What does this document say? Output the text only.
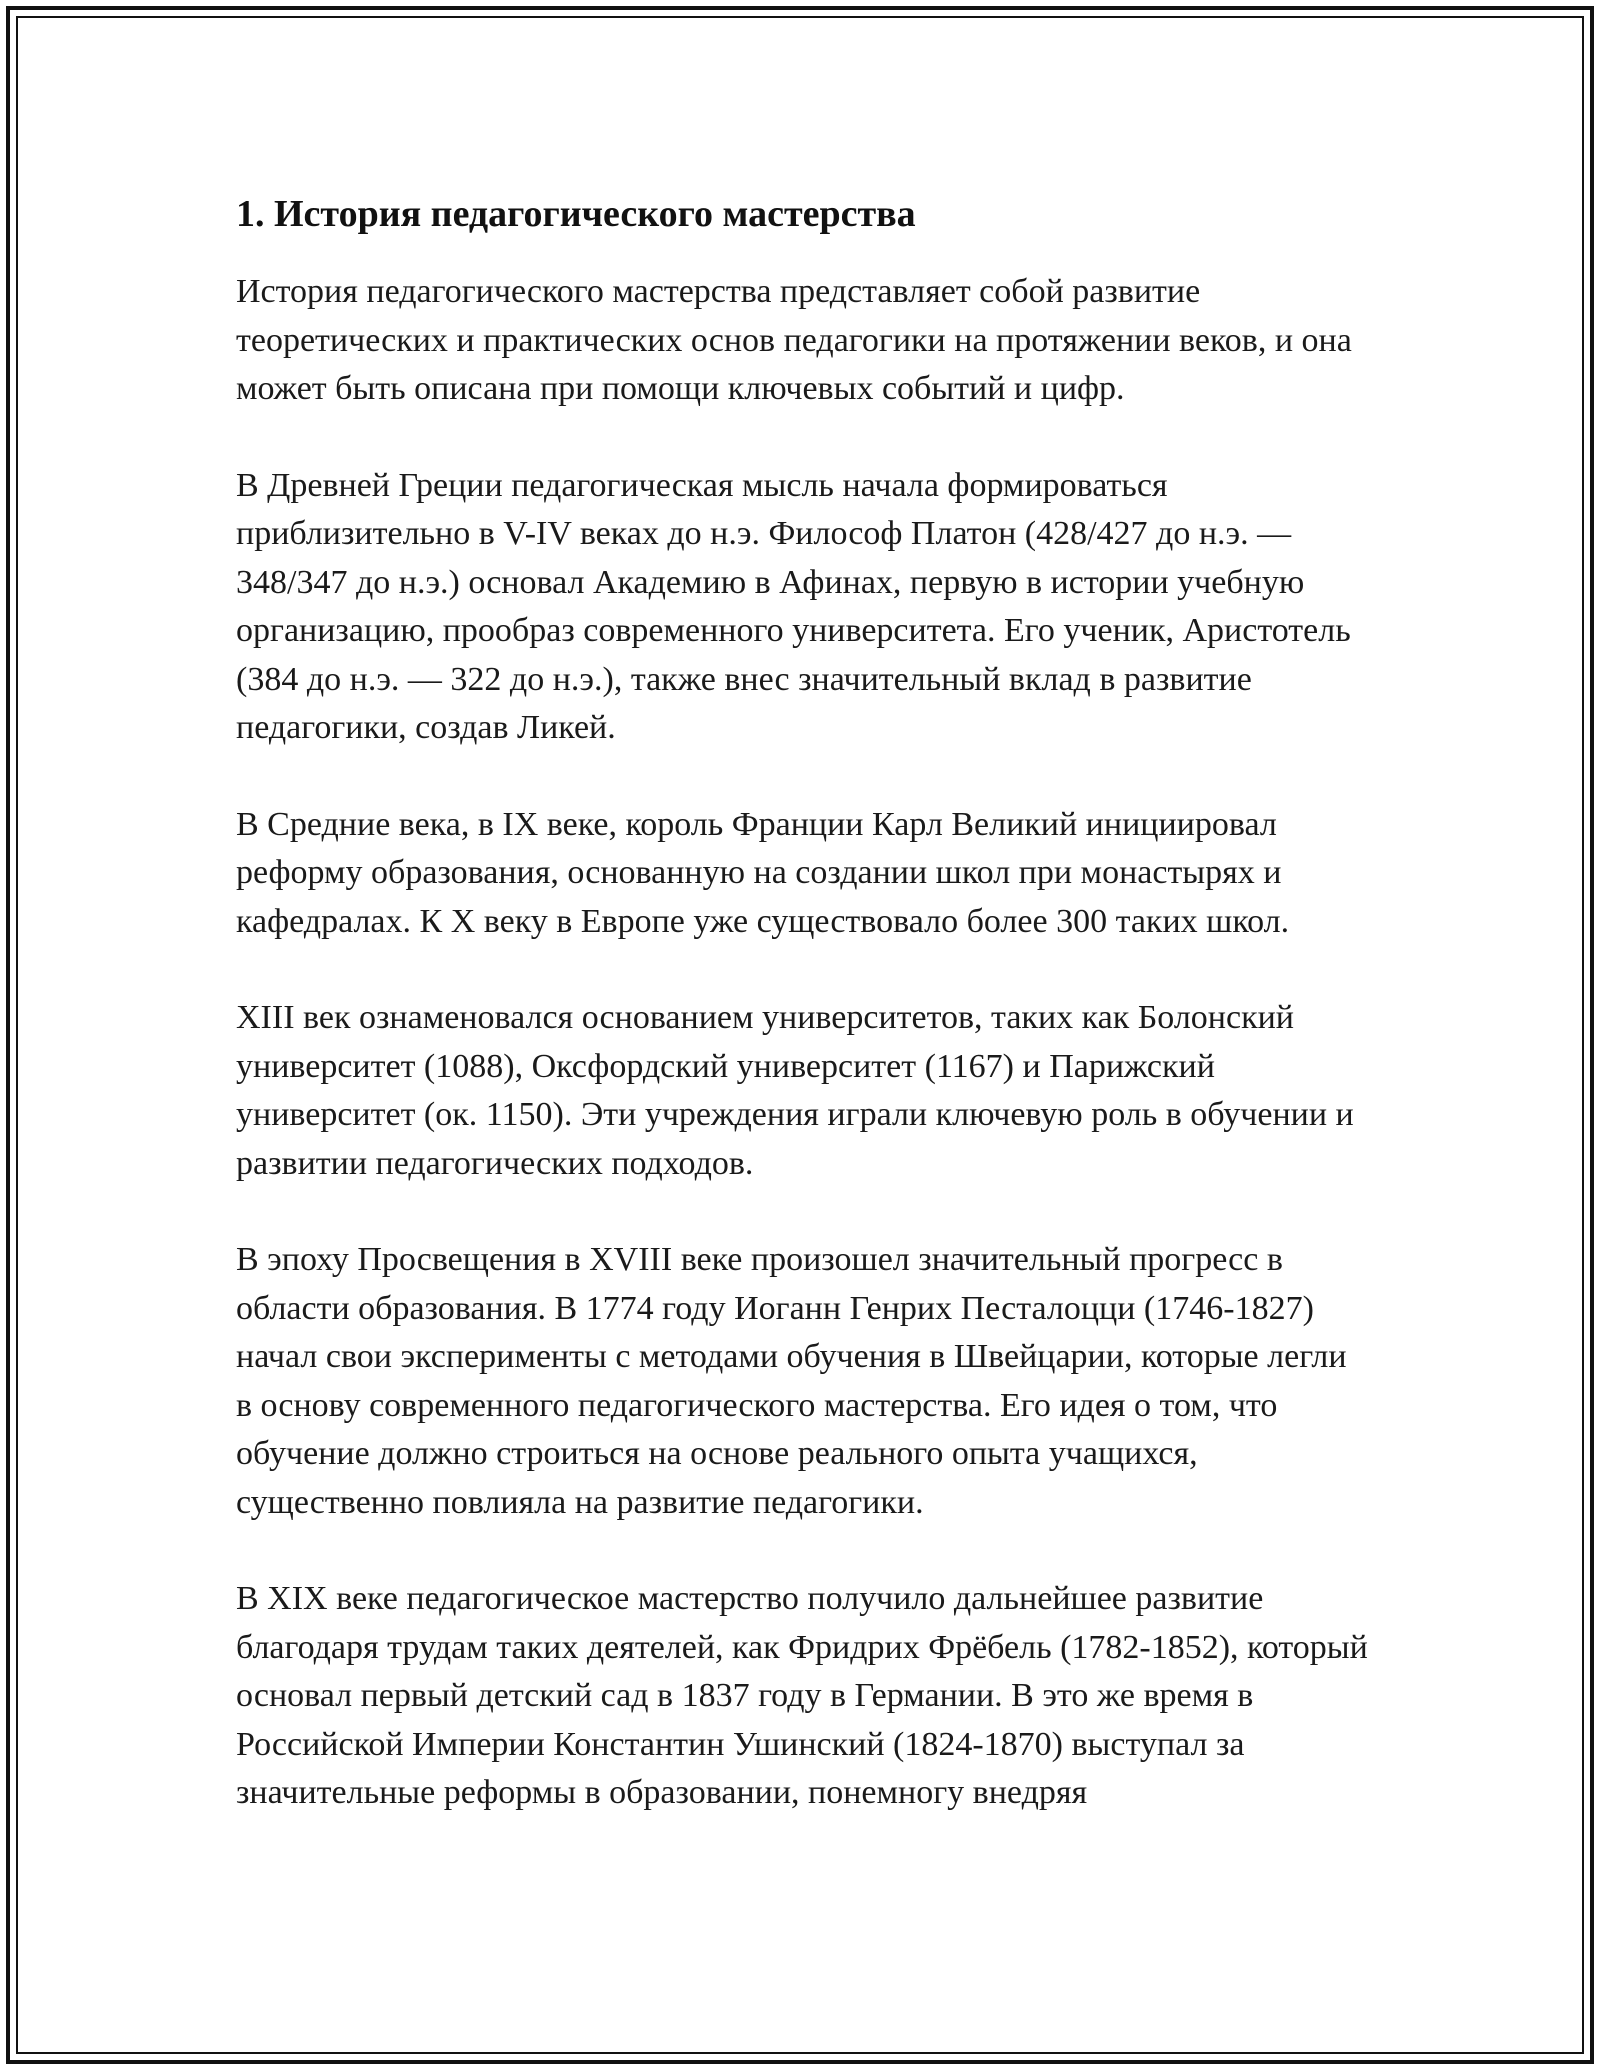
1. История педагогического мастерства

История педагогического мастерства представляет собой развитие теоретических и практических основ педагогики на протяжении веков, и она может быть описана при помощи ключевых событий и цифр.

В Древней Греции педагогическая мысль начала формироваться приблизительно в V-IV веках до н.э. Философ Платон (428/427 до н.э. — 348/347 до н.э.) основал Академию в Афинах, первую в истории учебную организацию, прообраз современного университета. Его ученик, Аристотель (384 до н.э. — 322 до н.э.), также внес значительный вклад в развитие педагогики, создав Ликей.

В Средние века, в IX веке, король Франции Карл Великий инициировал реформу образования, основанную на создании школ при монастырях и кафедралах. К X веку в Европе уже существовало более 300 таких школ.

XIII век ознаменовался основанием университетов, таких как Болонский университет (1088), Оксфордский университет (1167) и Парижский университет (ок. 1150). Эти учреждения играли ключевую роль в обучении и развитии педагогических подходов.

В эпоху Просвещения в XVIII веке произошел значительный прогресс в области образования. В 1774 году Иоганн Генрих Песталоцци (1746-1827) начал свои эксперименты с методами обучения в Швейцарии, которые легли в основу современного педагогического мастерства. Его идея о том, что обучение должно строиться на основе реального опыта учащихся, существенно повлияла на развитие педагогики.

В XIX веке педагогическое мастерство получило дальнейшее развитие благодаря трудам таких деятелей, как Фридрих Фрёбель (1782-1852), который основал первый детский сад в 1837 году в Германии. В это же время в Российской Империи Константин Ушинский (1824-1870) выступал за значительные реформы в образовании, понемногу внедряя
